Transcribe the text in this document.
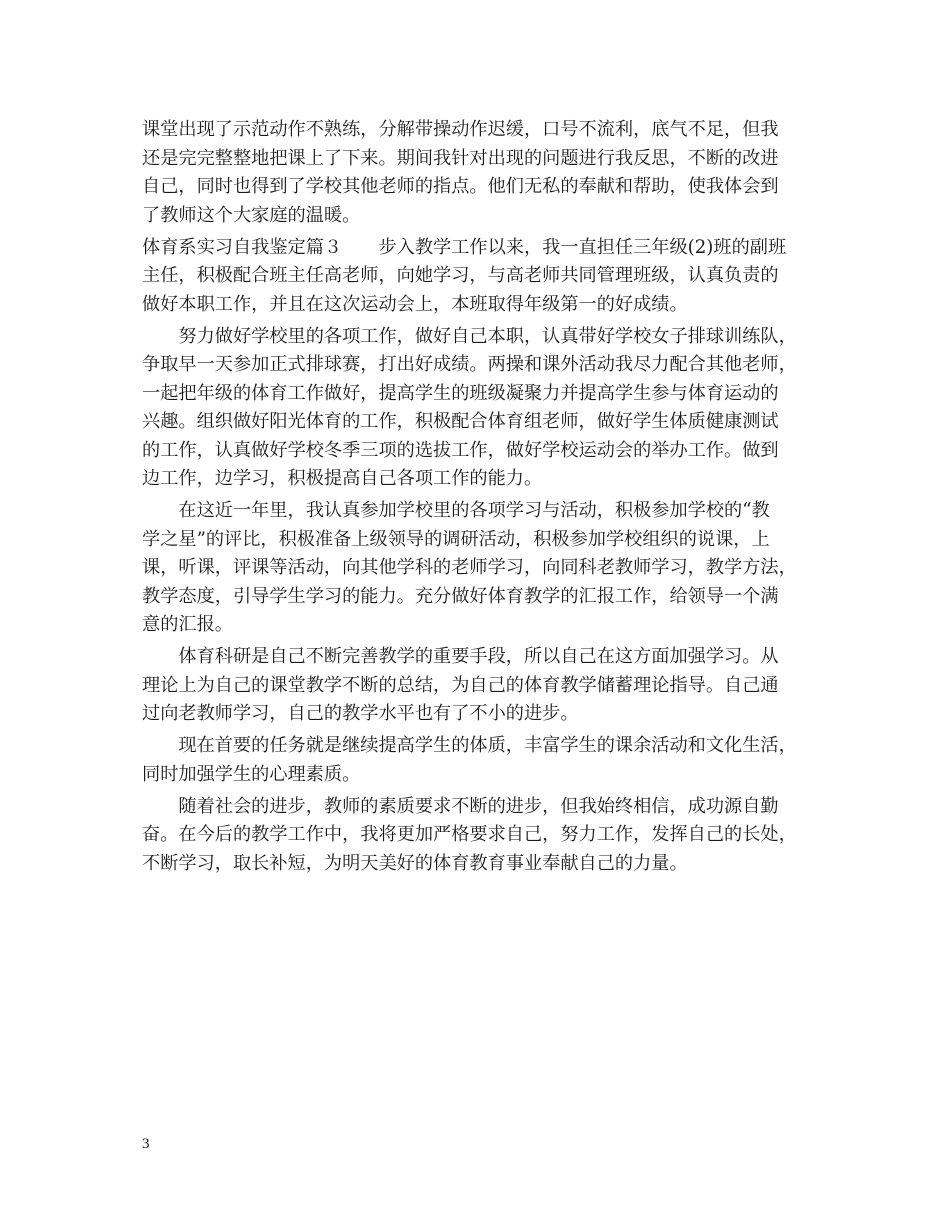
课堂出现了示范动作不熟练，分解带操动作迟缓，口号不流利，底气不足，但我
还是完完整整地把课上了下来。期间我针对出现的问题进行我反思，不断的改进
自己，同时也得到了学校其他老师的指点。他们无私的奉献和帮助，使我体会到
了教师这个大家庭的温暖。
体育系实习自我鉴定篇３　　步入教学工作以来，我一直担任三年级(2)班的副班
主任，积极配合班主任高老师，向她学习，与高老师共同管理班级，认真负责的
做好本职工作，并且在这次运动会上，本班取得年级第一的好成绩。
　　努力做好学校里的各项工作，做好自己本职，认真带好学校女子排球训练队，
争取早一天参加正式排球赛，打出好成绩。两操和课外活动我尽力配合其他老师，
一起把年级的体育工作做好，提高学生的班级凝聚力并提高学生参与体育运动的
兴趣。组织做好阳光体育的工作，积极配合体育组老师，做好学生体质健康测试
的工作，认真做好学校冬季三项的选拔工作，做好学校运动会的举办工作。做到
边工作，边学习，积极提高自己各项工作的能力。
　　在这近一年里，我认真参加学校里的各项学习与活动，积极参加学校的“教
学之星”的评比，积极准备上级领导的调研活动，积极参加学校组织的说课，上
课，听课，评课等活动，向其他学科的老师学习，向同科老教师学习，教学方法，
教学态度，引导学生学习的能力。充分做好体育教学的汇报工作，给领导一个满
意的汇报。
　　体育科研是自己不断完善教学的重要手段，所以自己在这方面加强学习。从
理论上为自己的课堂教学不断的总结，为自己的体育教学储蓄理论指导。自己通
过向老教师学习，自己的教学水平也有了不小的进步。
　　现在首要的任务就是继续提高学生的体质，丰富学生的课余活动和文化生活，
同时加强学生的心理素质。
　　随着社会的进步，教师的素质要求不断的进步，但我始终相信，成功源自勤
奋。在今后的教学工作中，我将更加严格要求自己，努力工作，发挥自己的长处，
不断学习，取长补短，为明天美好的体育教育事业奉献自己的力量。
3
